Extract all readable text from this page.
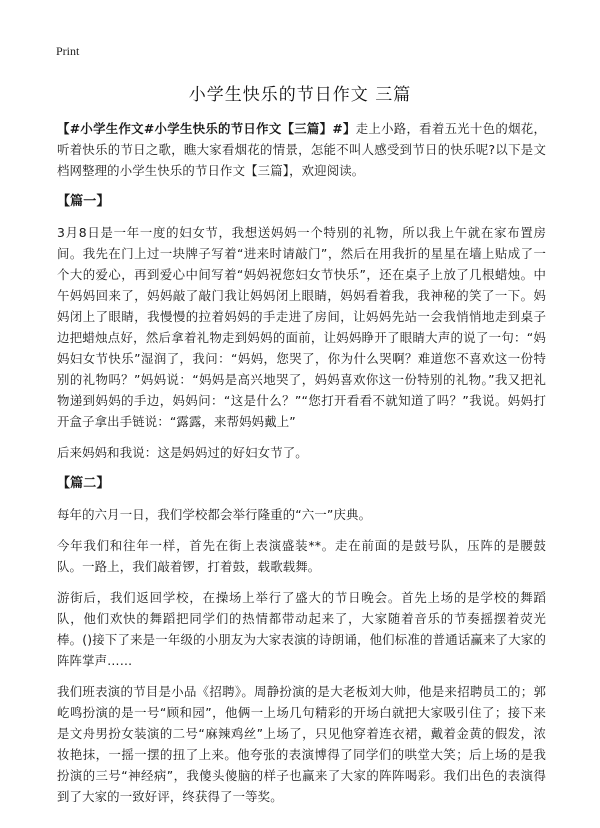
Print
小学生快乐的节日作文 三篇

【#小学生作文#小学生快乐的节日作文【三篇】#】走上小路，看着五光十色的烟花，听着快乐的节日之歌，瞧大家看烟花的情景，怎能不叫人感受到节日的快乐呢?以下是文档网整理的小学生快乐的节日作文【三篇】，欢迎阅读。

【篇一】

3月8日是一年一度的妇女节，我想送妈妈一个特别的礼物，所以我上午就在家布置房间。我先在门上过一块牌子写着“进来时请敲门”，然后在用我折的星星在墙上贴成了一个大的爱心，再到爱心中间写着“妈妈祝您妇女节快乐”，还在桌子上放了几根蜡烛。中午妈妈回来了，妈妈敲了敲门我让妈妈闭上眼睛，妈妈看着我，我神秘的笑了一下。妈妈闭上了眼睛，我慢慢的拉着妈妈的手走进了房间，让妈妈先站一会我悄悄地走到桌子边把蜡烛点好，然后拿着礼物走到妈妈的面前，让妈妈睁开了眼睛大声的说了一句：“妈妈妇女节快乐”湿润了，我问：“妈妈，您哭了，你为什么哭啊？难道您不喜欢这一份特别的礼物吗？”妈妈说：“妈妈是高兴地哭了，妈妈喜欢你这一份特别的礼物。”我又把礼物递到妈妈的手边，妈妈问：“这是什么？”“您打开看看不就知道了吗？”我说。妈妈打开盒子拿出手链说：“露露，来帮妈妈戴上”

后来妈妈和我说：这是妈妈过的好妇女节了。

【篇二】

每年的六月一日，我们学校都会举行隆重的“六一”庆典。

今年我们和往年一样，首先在街上表演盛装**。走在前面的是鼓号队，压阵的是腰鼓队。一路上，我们敲着锣，打着鼓，载歌载舞。

游街后，我们返回学校，在操场上举行了盛大的节日晚会。首先上场的是学校的舞蹈队，他们欢快的舞蹈把同学们的热情都带动起来了，大家随着音乐的节奏摇摆着荧光棒。()接下了来是一年级的小朋友为大家表演的诗朗诵，他们标准的普通话赢来了大家的阵阵掌声……

我们班表演的节目是小品《招聘》。周静扮演的是大老板刘大帅，他是来招聘员工的；郭屹鸣扮演的是一号“顾和园”，他俩一上场几句精彩的开场白就把大家吸引住了；接下来是文舟男扮女装演的二号“麻辣鸡丝”上场了，只见他穿着连衣裙，戴着金黄的假发，浓妆艳抹，一摇一摆的扭了上来。他夸张的表演博得了同学们的哄堂大笑；后上场的是我扮演的三号“神经病”，我傻头傻脑的样子也赢来了大家的阵阵喝彩。我们出色的表演得到了大家的一致好评，终获得了一等奖。
